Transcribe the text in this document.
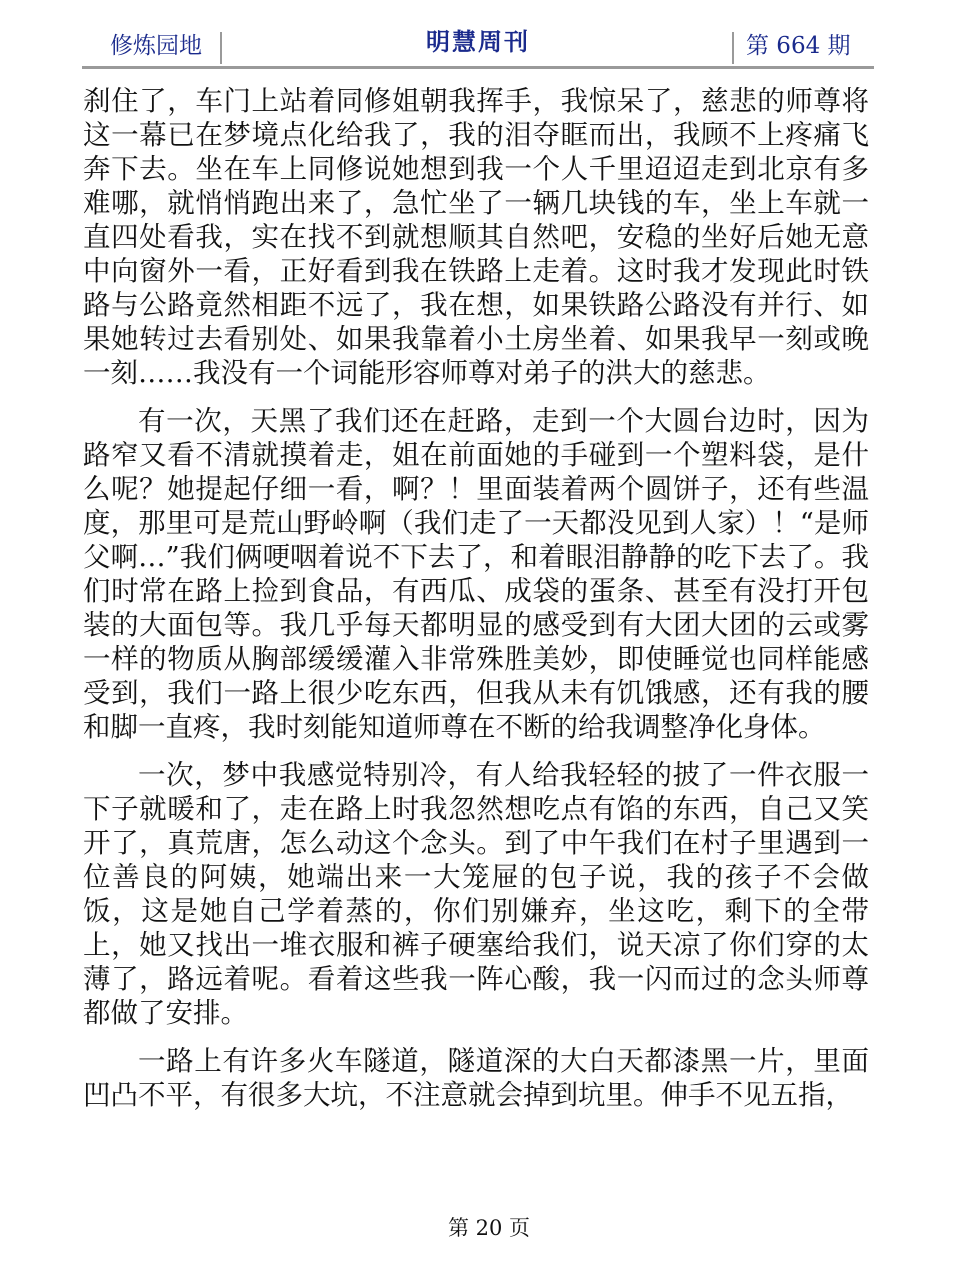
修炼园地	明慧周刊	第 664 期

刹住了，车门上站着同修姐朝我挥手，我惊呆了，慈悲的师尊将这一幕已在梦境点化给我了，我的泪夺眶而出，我顾不上疼痛飞奔下去。坐在车上同修说她想到我一个人千里迢迢走到北京有多难哪，就悄悄跑出来了，急忙坐了一辆几块钱的车，坐上车就一直四处看我，实在找不到就想顺其自然吧，安稳的坐好后她无意中向窗外一看，正好看到我在铁路上走着。这时我才发现此时铁路与公路竟然相距不远了，我在想，如果铁路公路没有并行、如果她转过去看别处、如果我靠着小土房坐着、如果我早一刻或晚一刻……我没有一个词能形容师尊对弟子的洪大的慈悲。

有一次，天黑了我们还在赶路，走到一个大圆台边时，因为路窄又看不清就摸着走，姐在前面她的手碰到一个塑料袋，是什么呢？她提起仔细一看，啊？！里面装着两个圆饼子，还有些温度，那里可是荒山野岭啊（我们走了一天都没见到人家）！“是师父啊…”我们俩哽咽着说不下去了，和着眼泪静静的吃下去了。我们时常在路上捡到食品，有西瓜、成袋的蛋条、甚至有没打开包装的大面包等。我几乎每天都明显的感受到有大团大团的云或雾一样的物质从胸部缓缓灌入非常殊胜美妙，即使睡觉也同样能感受到，我们一路上很少吃东西，但我从未有饥饿感，还有我的腰和脚一直疼，我时刻能知道师尊在不断的给我调整净化身体。

一次，梦中我感觉特别冷，有人给我轻轻的披了一件衣服一下子就暖和了，走在路上时我忽然想吃点有馅的东西，自己又笑开了，真荒唐，怎么动这个念头。到了中午我们在村子里遇到一位善良的阿姨，她端出来一大笼屉的包子说，我的孩子不会做饭，这是她自己学着蒸的，你们别嫌弃，坐这吃，剩下的全带上，她又找出一堆衣服和裤子硬塞给我们，说天凉了你们穿的太薄了，路远着呢。看着这些我一阵心酸，我一闪而过的念头师尊都做了安排。

一路上有许多火车隧道，隧道深的大白天都漆黑一片，里面凹凸不平，有很多大坑，不注意就会掉到坑里。伸手不见五指，

第 20 页
